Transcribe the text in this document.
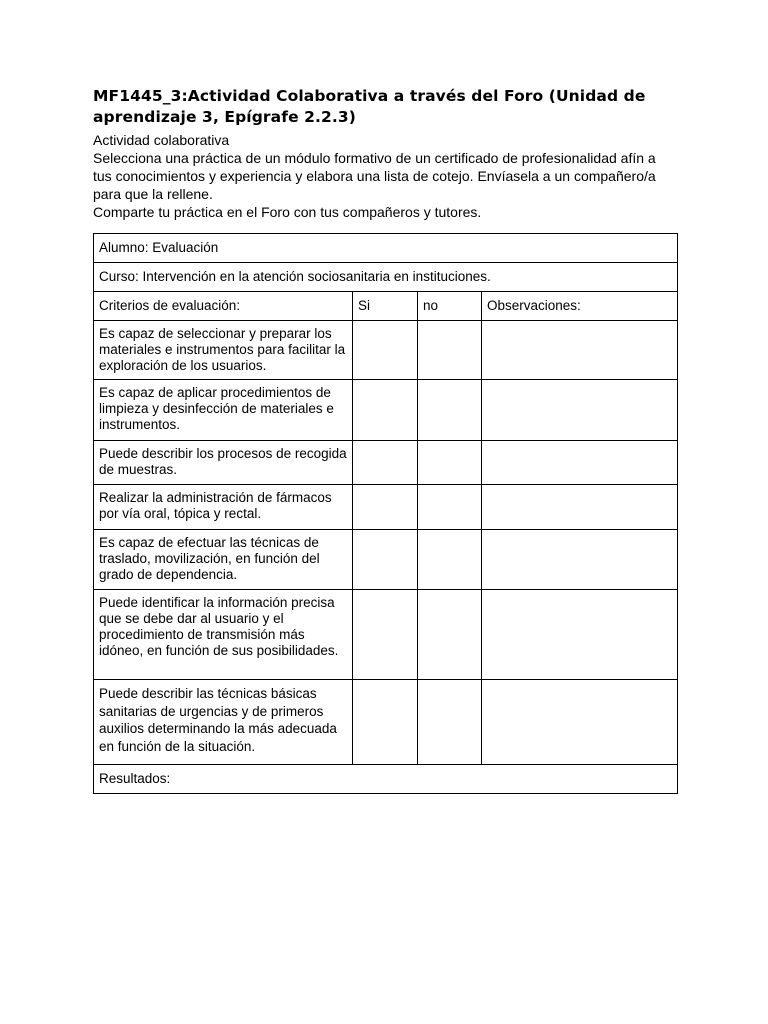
MF1445_3:Actividad Colaborativa a través del Foro (Unidad de aprendizaje 3, Epígrafe 2.2.3)

Actividad colaborativa

Selecciona una práctica de un módulo formativo de un certificado de profesionalidad afín a tus conocimientos y experiencia y elabora una lista de cotejo. Envíasela a un compañero/a para que la rellene.

Comparte tu práctica en el Foro con tus compañeros y tutores.

Alumno: Evaluación			
Curso: Intervención en la atención sociosanitaria en instituciones.			
Criterios de evaluación:	Si	no	Observaciones:
Es capaz de seleccionar y preparar los materiales e instrumentos para facilitar la exploración de los usuarios.			
Es capaz de aplicar procedimientos de limpieza y desinfección de materiales e instrumentos.			
Puede describir los procesos de recogida de muestras.			
Realizar la administración de fármacos por vía oral, tópica y rectal.			
Es capaz de efectuar las técnicas de traslado, movilización, en función del grado de dependencia.			
Puede identificar la información precisa que se debe dar al usuario y el procedimiento de transmisión más idóneo, en función de sus posibilidades.			
Puede describir las técnicas básicas sanitarias de urgencias y de primeros auxilios determinando la más adecuada en función de la situación.			
Resultados:			
